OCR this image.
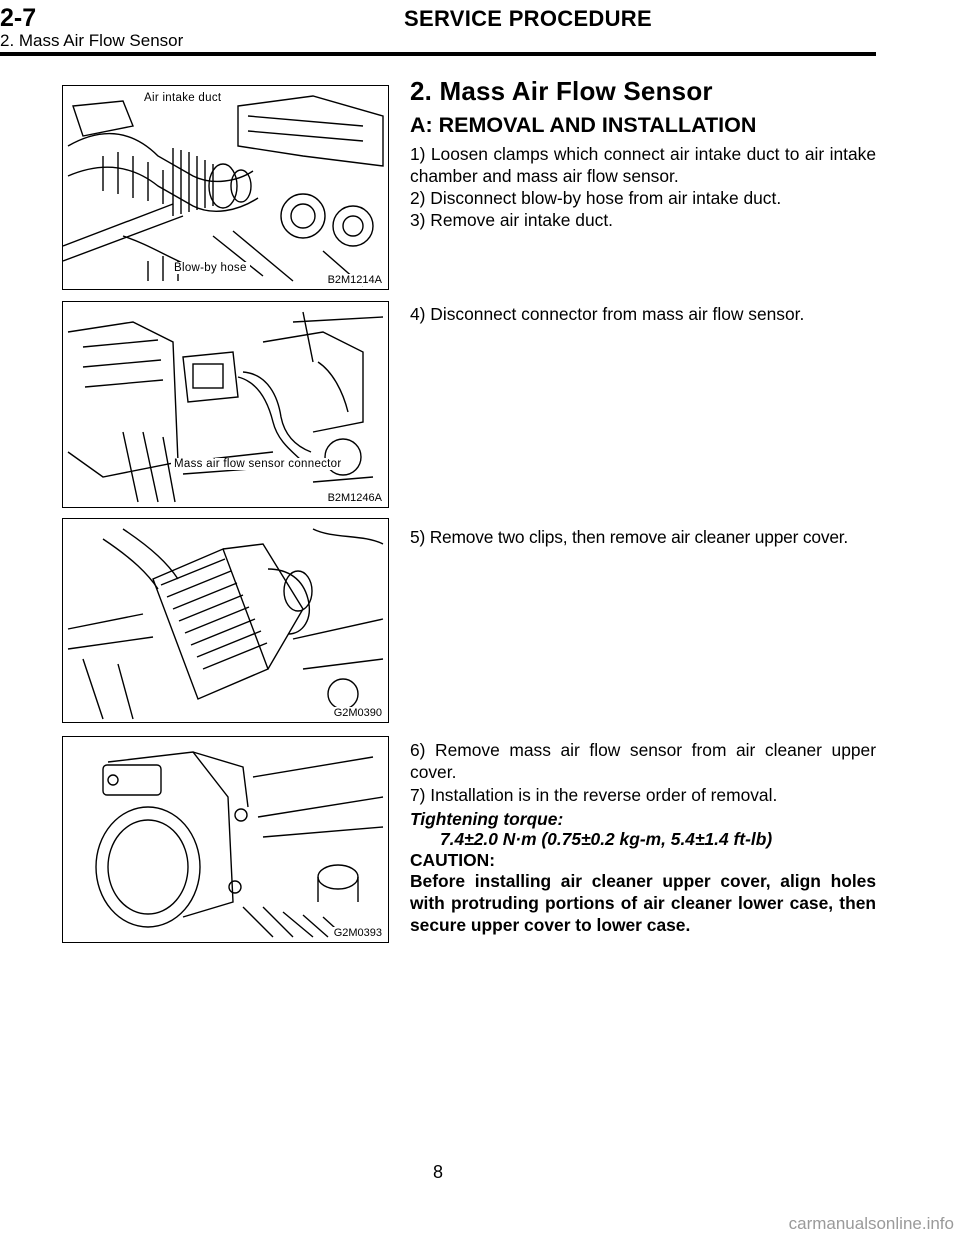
2-7	SERVICE PROCEDURE
2. Mass Air Flow Sensor
Air intake duct
Blow-by hose
B2M1214A
Mass air flow sensor connector
B2M1246A
G2M0390
G2M0393
2. Mass Air Flow Sensor
A: REMOVAL AND INSTALLATION
1) Loosen clamps which connect air intake duct to air intake chamber and mass air flow sensor.
2) Disconnect blow-by hose from air intake duct.
3) Remove air intake duct.
4) Disconnect connector from mass air flow sensor.
5) Remove two clips, then remove air cleaner upper cover.
6) Remove mass air flow sensor from air cleaner upper cover.
7) Installation is in the reverse order of removal.
Tightening torque:
7.4±2.0 N·m (0.75±0.2 kg-m, 5.4±1.4 ft-lb)
CAUTION:
Before installing air cleaner upper cover, align holes with protruding portions of air cleaner lower case, then secure upper cover to lower case.
8
carmanualsonline.info
